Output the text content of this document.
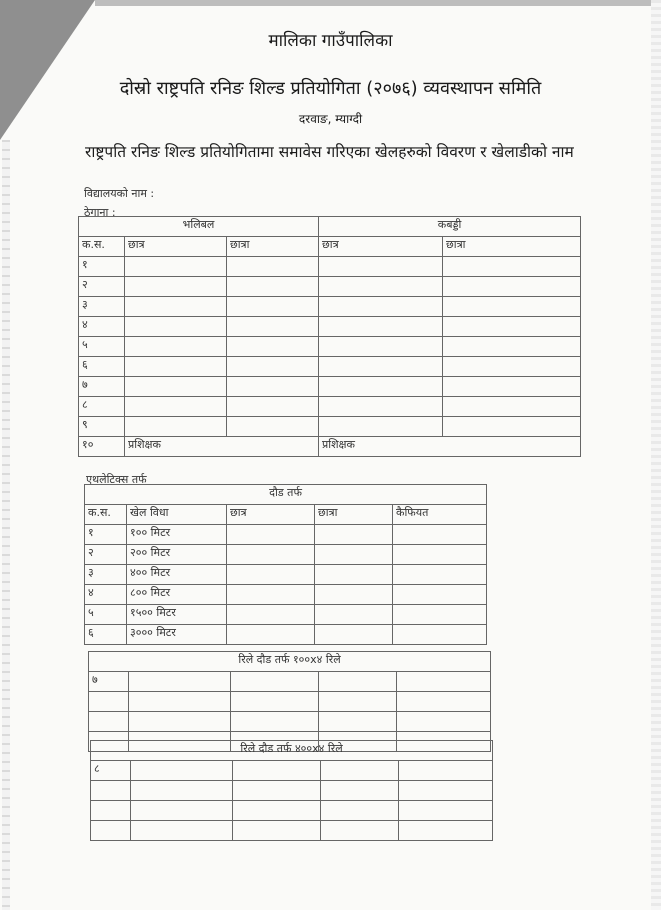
मालिका गाउँपालिका
दोस्रो राष्ट्रपति रनिङ शिल्ड प्रतियोगिता (२०७६) व्यवस्थापन समिति
दरवाङ, म्याग्दी
राष्ट्रपति रनिङ शिल्ड प्रतियोगितामा समावेस गरिएका खेलहरुको विवरण र खेलाडीको नाम
विद्यालयको नाम :
ठेगाना :
भलिबल			कबड्डी	
क.स.	छात्र	छात्रा	छात्र	छात्रा
१				
२				
३				
४				
५				
६				
७				
८				
९				
१०	प्रशिक्षक		प्रशिक्षक	
एथलेटिक्स तर्फ
दौड तर्फ				
क.स.	खेल विधा	छात्र	छात्रा	कैफियत
१	१०० मिटर			
२	२०० मिटर			
३	४०० मिटर			
४	८०० मिटर			
५	१५०० मिटर			
६	३००० मिटर			
रिले दौड तर्फ १००x४ रिले				
७				

रिले दौड तर्फ ४००x४ रिले				
८				
